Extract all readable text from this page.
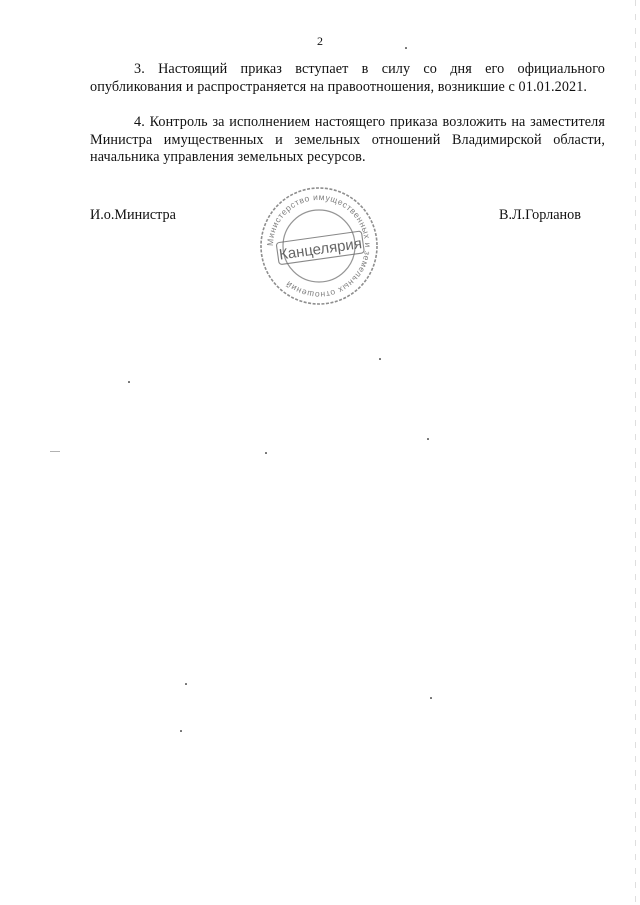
2

3. Настоящий приказ вступает в силу со дня его официального опубликования и распространяется на правоотношения, возникшие с 01.01.2021.

4. Контроль за исполнением настоящего приказа возложить на заместителя Министра имущественных и земельных отношений Владимирской области, начальника управления земельных ресурсов.

И.о.Министра
Министерство имущественных и земельных отношений
Канцелярия
В.Л.Горланов
